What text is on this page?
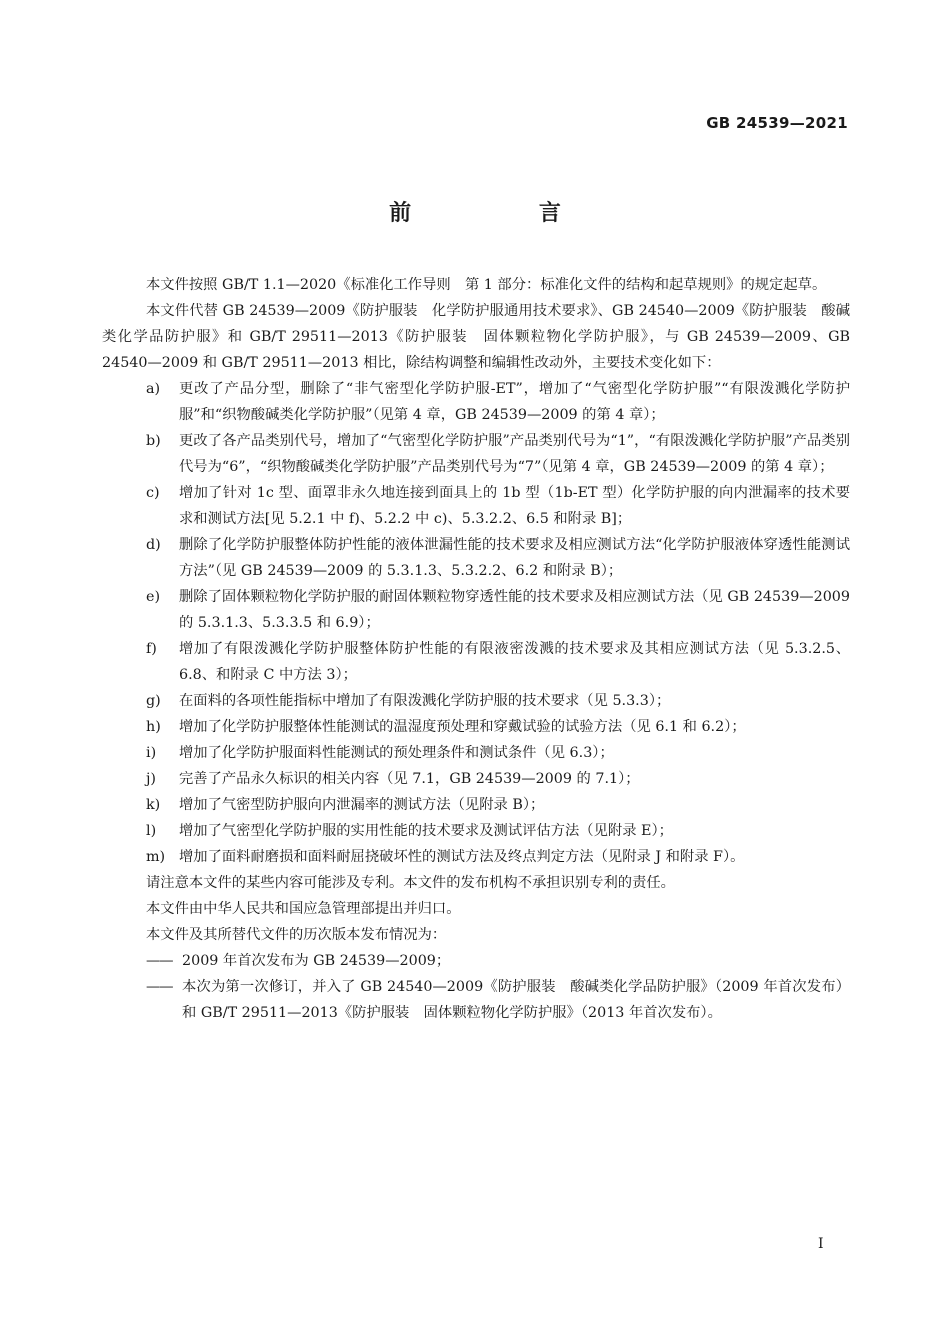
GB 24539—2021
前 言

本文件按照 GB/T 1.1—2020《标准化工作导则　第 1 部分：标准化文件的结构和起草规则》的规定起草。

本文件代替 GB 24539—2009《防护服装　化学防护服通用技术要求》、GB 24540—2009《防护服装　酸碱类化学品防护服》和 GB/T 29511—2013《防护服装　固体颗粒物化学防护服》，与 GB 24539—2009、GB 24540—2009 和 GB/T 29511—2013 相比，除结构调整和编辑性改动外，主要技术变化如下：

a)	更改了产品分型，删除了“非气密型化学防护服-ET”，增加了“气密型化学防护服”“有限泼溅化学防护服”和“织物酸碱类化学防护服”（见第 4 章，GB 24539—2009 的第 4 章）；
b)	更改了各产品类别代号，增加了“气密型化学防护服”产品类别代号为“1”，“有限泼溅化学防护服”产品类别代号为“6”，“织物酸碱类化学防护服”产品类别代号为“7”（见第 4 章，GB 24539—2009 的第 4 章）；
c)	增加了针对 1c 型、面罩非永久地连接到面具上的 1b 型（1b-ET 型）化学防护服的向内泄漏率的技术要求和测试方法[见 5.2.1 中 f)、5.2.2 中 c)、5.3.2.2、6.5 和附录 B]；
d)	删除了化学防护服整体防护性能的液体泄漏性能的技术要求及相应测试方法“化学防护服液体穿透性能测试方法”（见 GB 24539—2009 的 5.3.1.3、5.3.2.2、6.2 和附录 B）；
e)	删除了固体颗粒物化学防护服的耐固体颗粒物穿透性能的技术要求及相应测试方法（见 GB 24539—2009 的 5.3.1.3、5.3.3.5 和 6.9）；
f)	增加了有限泼溅化学防护服整体防护性能的有限液密泼溅的技术要求及其相应测试方法（见 5.3.2.5、6.8、和附录 C 中方法 3）；
g)	在面料的各项性能指标中增加了有限泼溅化学防护服的技术要求（见 5.3.3）；
h)	增加了化学防护服整体性能测试的温湿度预处理和穿戴试验的试验方法（见 6.1 和 6.2）；
i)	增加了化学防护服面料性能测试的预处理条件和测试条件（见 6.3）；
j)	完善了产品永久标识的相关内容（见 7.1，GB 24539—2009 的 7.1）；
k)	增加了气密型防护服向内泄漏率的测试方法（见附录 B）；
l)	增加了气密型化学防护服的实用性能的技术要求及测试评估方法（见附录 E）；
m) 增加了面料耐磨损和面料耐屈挠破坏性的测试方法及终点判定方法（见附录 J 和附录 F）。

请注意本文件的某些内容可能涉及专利。本文件的发布机构不承担识别专利的责任。

本文件由中华人民共和国应急管理部提出并归口。

本文件及其所替代文件的历次版本发布情况为：

—— 2009 年首次发布为 GB 24539—2009；
—— 本次为第一次修订，并入了 GB 24540—2009《防护服装　酸碱类化学品防护服》（2009 年首次发布）和 GB/T 29511—2013《防护服装　固体颗粒物化学防护服》（2013 年首次发布）。
I
